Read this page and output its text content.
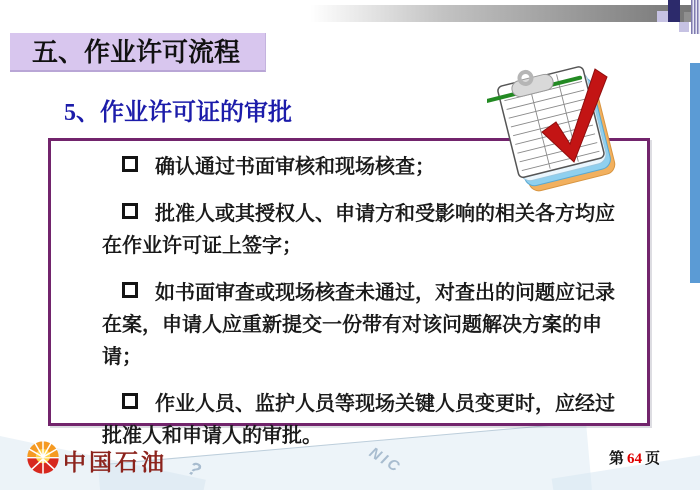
NIC
?
五、作业许可流程
5、作业许可证的审批

确认通过书面审核和现场核查；

批准人或其授权人、申请方和受影响的相关各方均应在作业许可证上签字；

如书面审查或现场核查未通过，对查出的问题应记录在案，申请人应重新提交一份带有对该问题解决方案的申请；

作业人员、监护人员等现场关键人员变更时，应经过批准人和申请人的审批。

中国石油	第 64 页
